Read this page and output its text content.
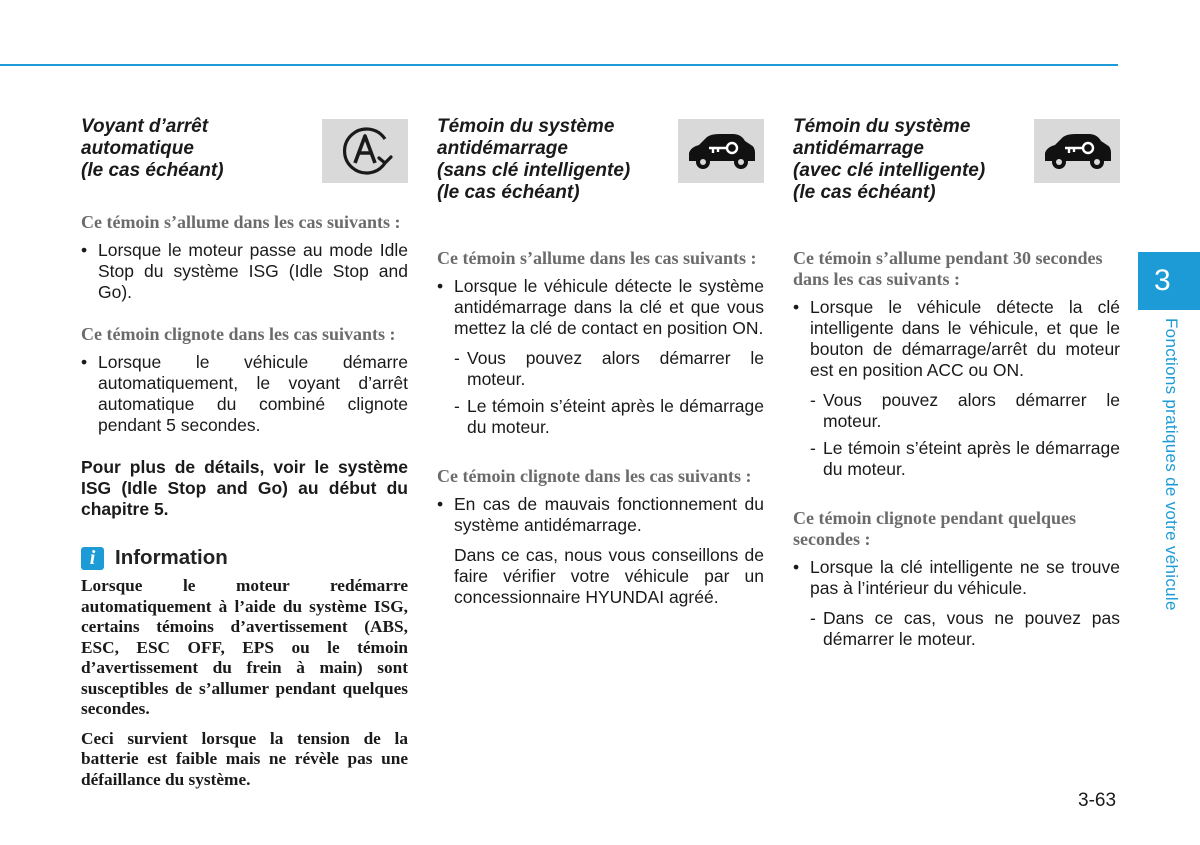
Voyant d’arrêt
automatique
(le cas échéant)
Ce témoin s’allume dans les cas suivants :
• Lorsque le moteur passe au mode Idle Stop du système ISG (Idle Stop and Go).
Ce témoin clignote dans les cas suivants :
• Lorsque le véhicule démarre automatiquement, le voyant d’arrêt automatique du combiné clignote pendant 5 secondes.
Pour plus de détails, voir le système ISG (Idle Stop and Go) au début du chapitre 5.
i Information
Lorsque le moteur redémarre automatiquement à l’aide du système ISG, certains témoins d’avertissement (ABS, ESC, ESC OFF, EPS ou le témoin d’avertissement du frein à main) sont susceptibles de s’allumer pendant quelques secondes.
Ceci survient lorsque la tension de la batterie est faible mais ne révèle pas une défaillance du système.
Témoin du système
antidémarrage
(sans clé intelligente)
(le cas échéant)
Ce témoin s’allume dans les cas suivants :
• Lorsque le véhicule détecte le système antidémarrage dans la clé et que vous mettez la clé de contact en position ON.
- Vous pouvez alors démarrer le moteur.
- Le témoin s’éteint après le démarrage du moteur.
Ce témoin clignote dans les cas suivants :
• En cas de mauvais fonctionnement du système antidémarrage.
Dans ce cas, nous vous conseillons de faire vérifier votre véhicule par un concessionnaire HYUNDAI agréé.
Témoin du système
antidémarrage
(avec clé intelligente)
(le cas échéant)
Ce témoin s’allume pendant 30 secondes dans les cas suivants :
• Lorsque le véhicule détecte la clé intelligente dans le véhicule, et que le bouton de démarrage/arrêt du moteur est en position ACC ou ON.
- Vous pouvez alors démarrer le moteur.
- Le témoin s’éteint après le démarrage du moteur.
Ce témoin clignote pendant quelques secondes :
• Lorsque la clé intelligente ne se trouve pas à l’intérieur du véhicule.
- Dans ce cas, vous ne pouvez pas démarrer le moteur.
3
Fonctions pratiques de votre véhicule
3-63
